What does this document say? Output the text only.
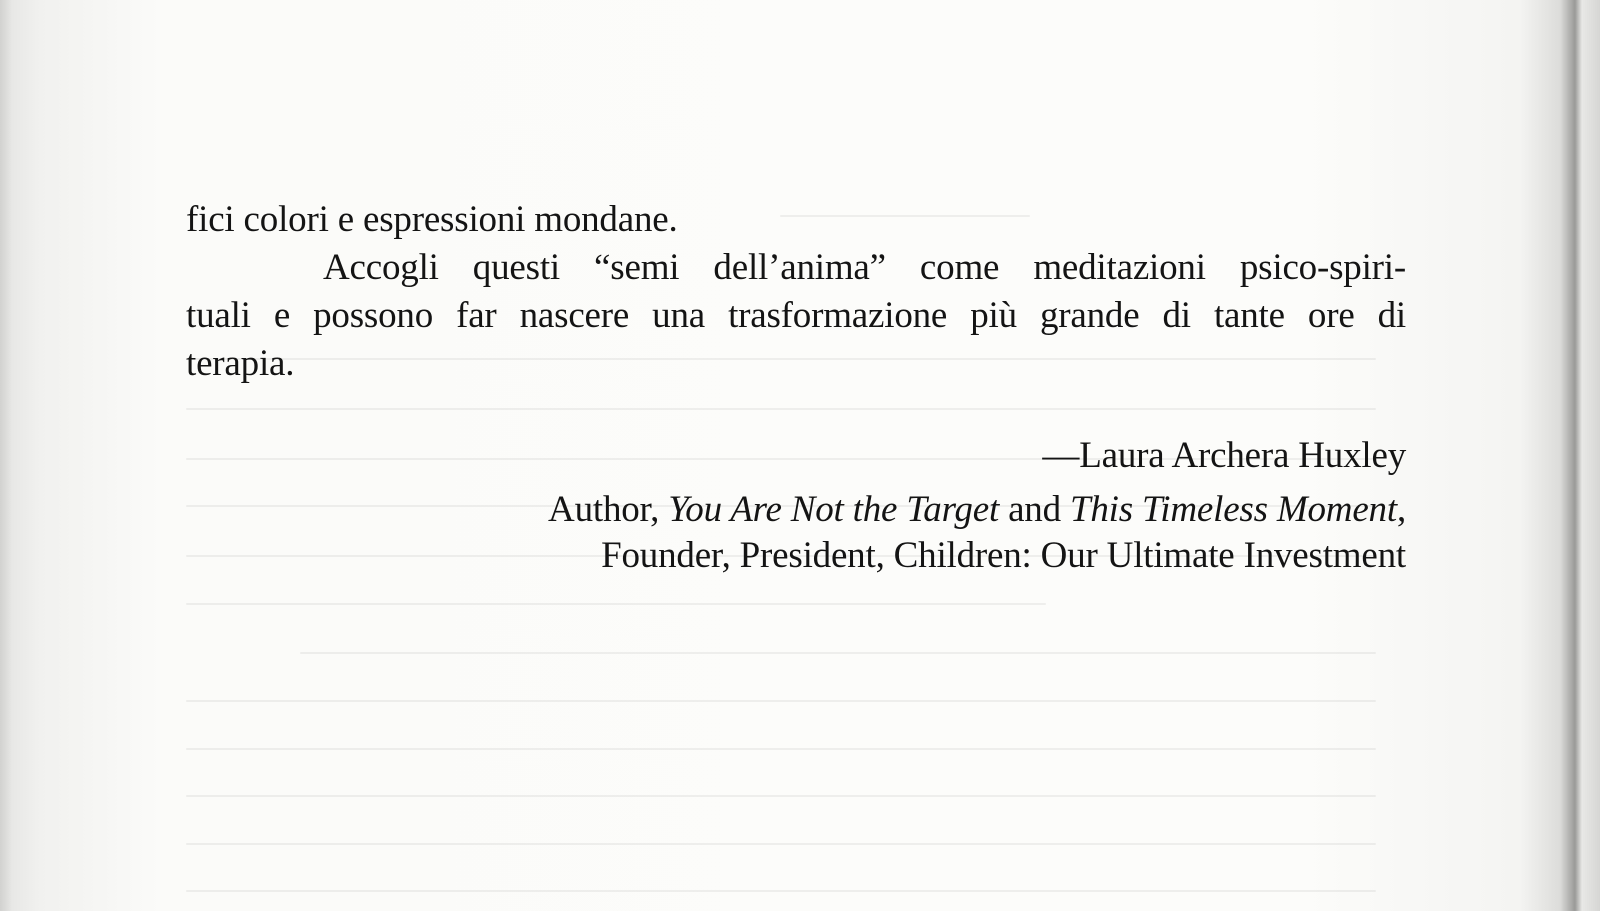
fici colori e espressioni mondane.
Accogli questi “semi dell’anima” come meditazioni psico-spiri-
tuali e possono far nascere una trasformazione più grande di tante ore di
terapia.
—Laura Archera Huxley
Author, You Are Not the Target and This Timeless Moment,
Founder, President, Children: Our Ultimate Investment
